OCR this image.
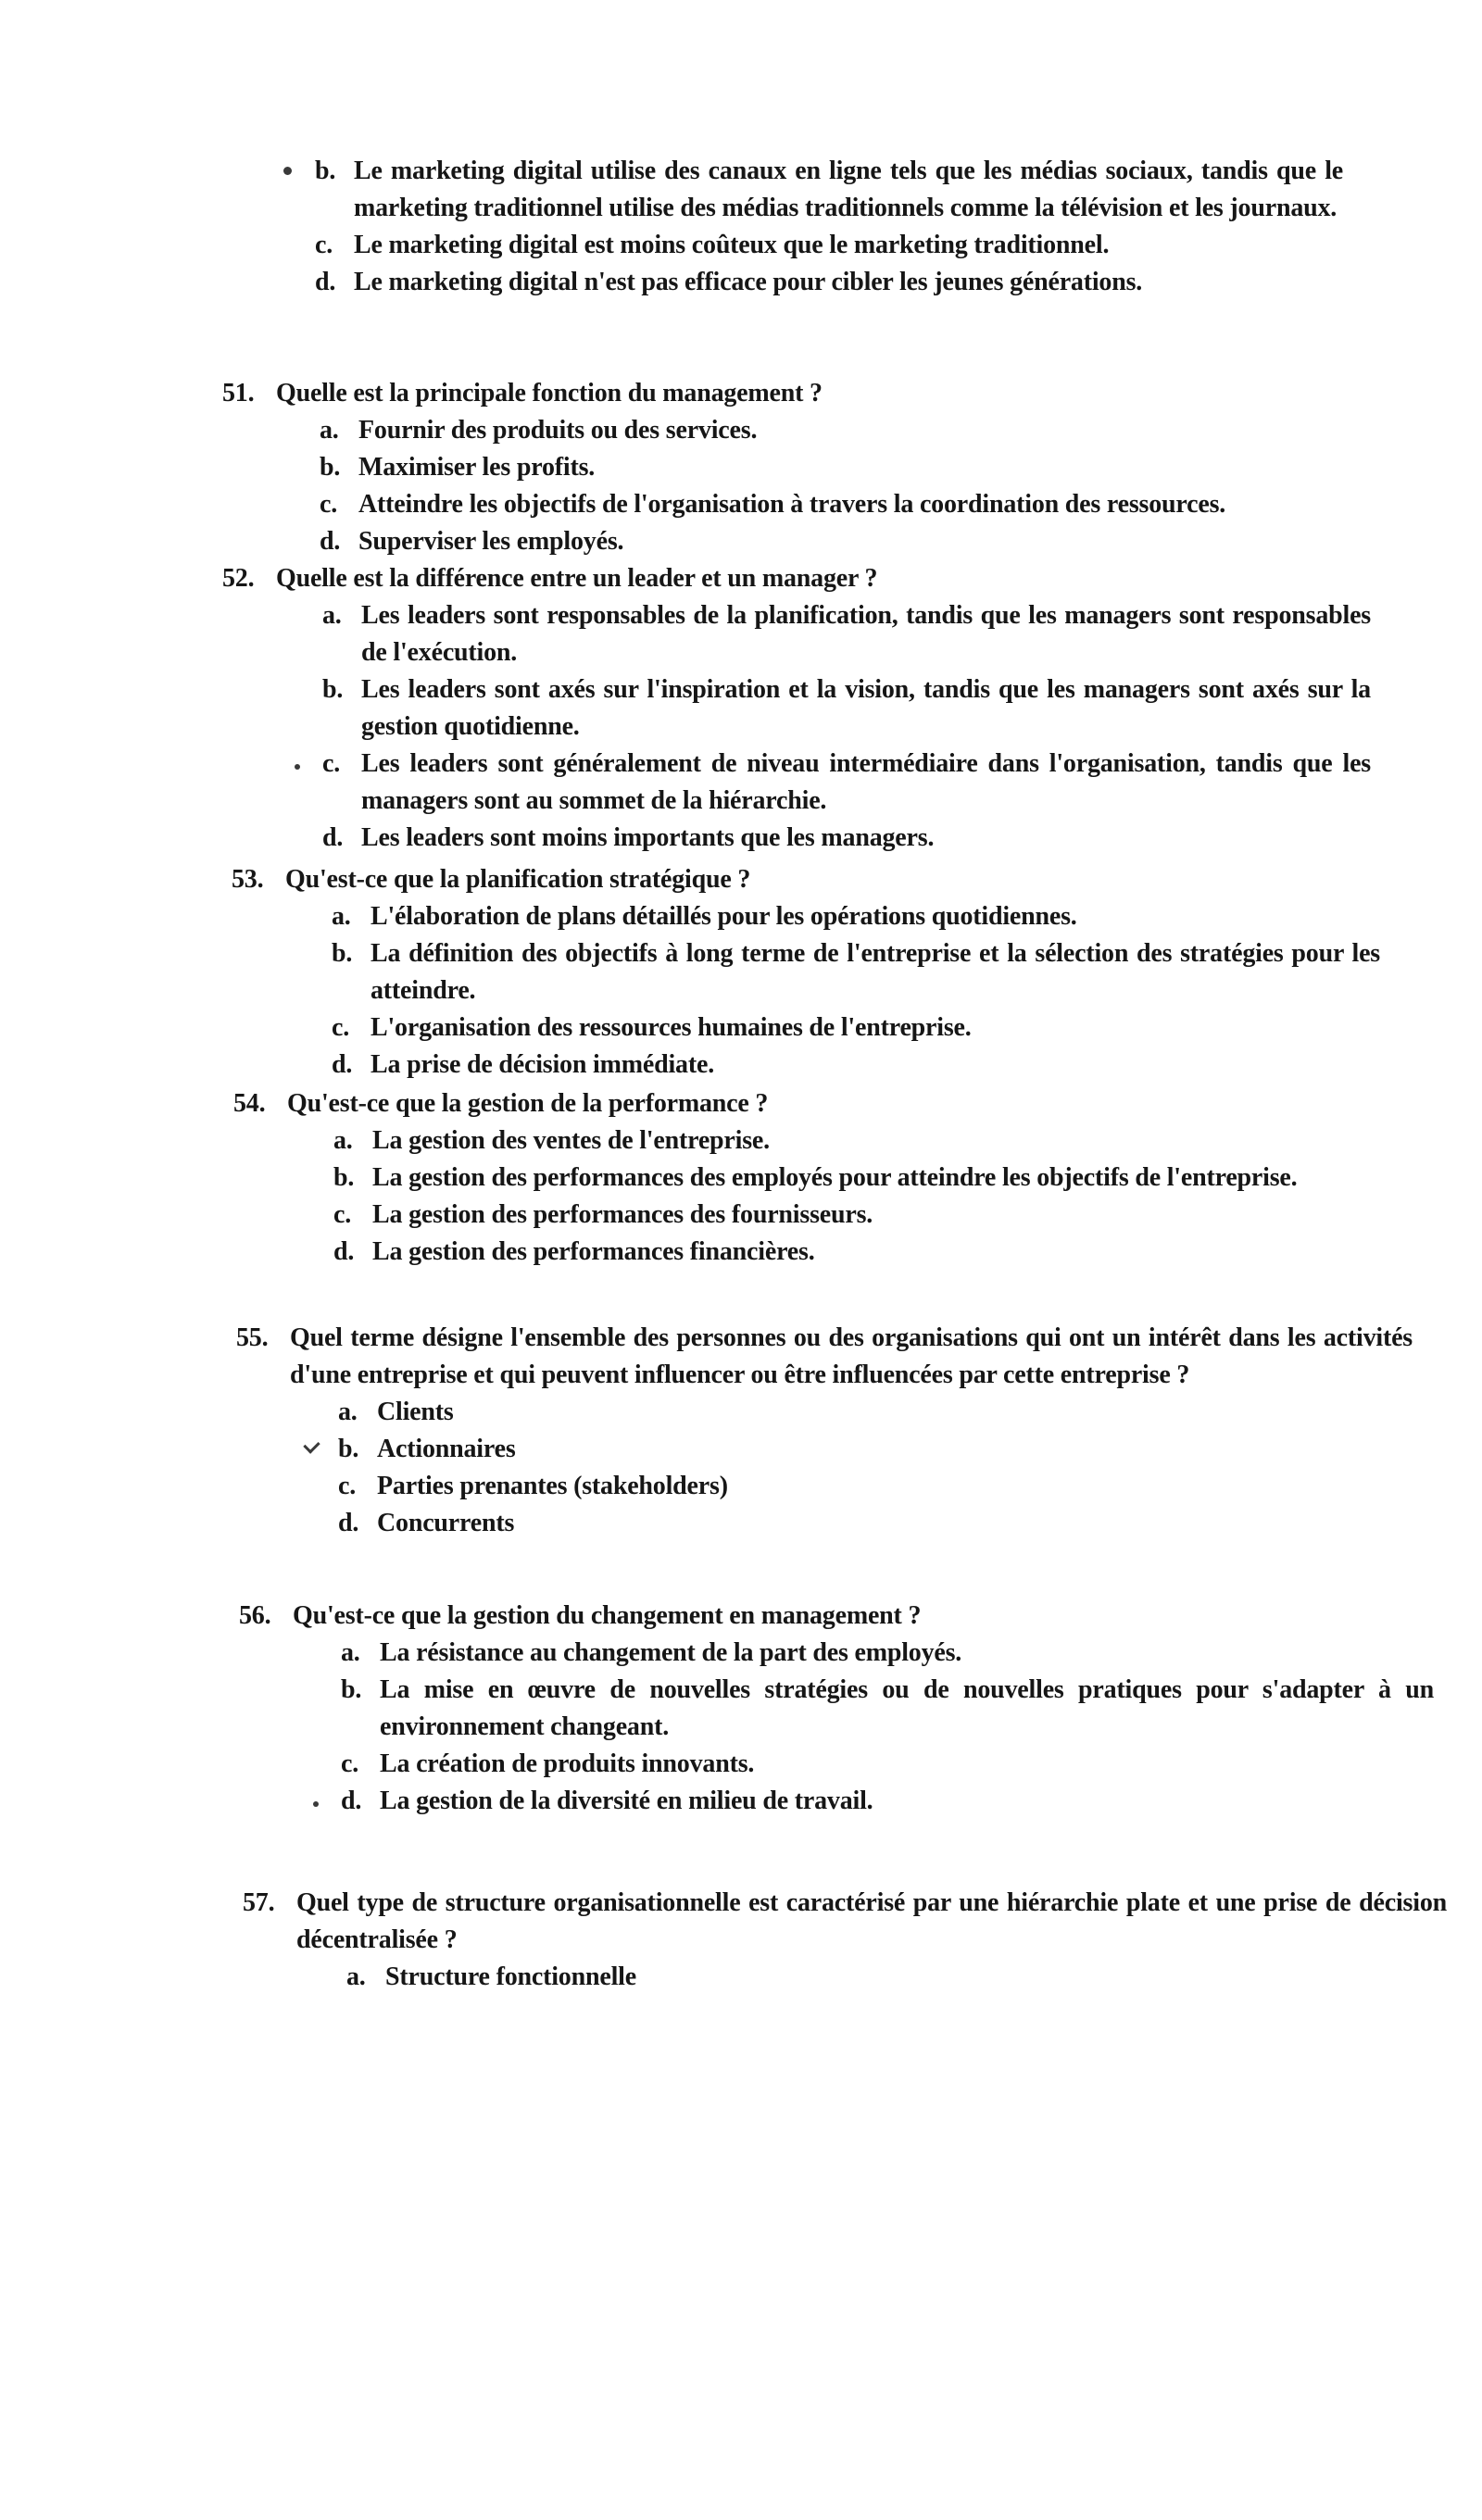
b. Le marketing digital utilise des canaux en ligne tels que les médias sociaux, tandis que le marketing traditionnel utilise des médias traditionnels comme la télévision et les journaux.
c. Le marketing digital est moins coûteux que le marketing traditionnel.
d. Le marketing digital n'est pas efficace pour cibler les jeunes générations.
51. Quelle est la principale fonction du management ?
a. Fournir des produits ou des services.
b. Maximiser les profits.
c. Atteindre les objectifs de l'organisation à travers la coordination des ressources.
d. Superviser les employés.
52. Quelle est la différence entre un leader et un manager ?
a. Les leaders sont responsables de la planification, tandis que les managers sont responsables de l'exécution.
b. Les leaders sont axés sur l'inspiration et la vision, tandis que les managers sont axés sur la gestion quotidienne.
c. Les leaders sont généralement de niveau intermédiaire dans l'organisation, tandis que les managers sont au sommet de la hiérarchie.
d. Les leaders sont moins importants que les managers.
53. Qu'est-ce que la planification stratégique ?
a. L'élaboration de plans détaillés pour les opérations quotidiennes.
b. La définition des objectifs à long terme de l'entreprise et la sélection des stratégies pour les atteindre.
c. L'organisation des ressources humaines de l'entreprise.
d. La prise de décision immédiate.
54. Qu'est-ce que la gestion de la performance ?
a. La gestion des ventes de l'entreprise.
b. La gestion des performances des employés pour atteindre les objectifs de l'entreprise.
c. La gestion des performances des fournisseurs.
d. La gestion des performances financières.
55. Quel terme désigne l'ensemble des personnes ou des organisations qui ont un intérêt dans les activités d'une entreprise et qui peuvent influencer ou être influencées par cette entreprise ?
a. Clients
b. Actionnaires
c. Parties prenantes (stakeholders)
d. Concurrents
56. Qu'est-ce que la gestion du changement en management ?
a. La résistance au changement de la part des employés.
b. La mise en œuvre de nouvelles stratégies ou de nouvelles pratiques pour s'adapter à un environnement changeant.
c. La création de produits innovants.
d. La gestion de la diversité en milieu de travail.
57. Quel type de structure organisationnelle est caractérisé par une hiérarchie plate et une prise de décision décentralisée ?
a. Structure fonctionnelle
